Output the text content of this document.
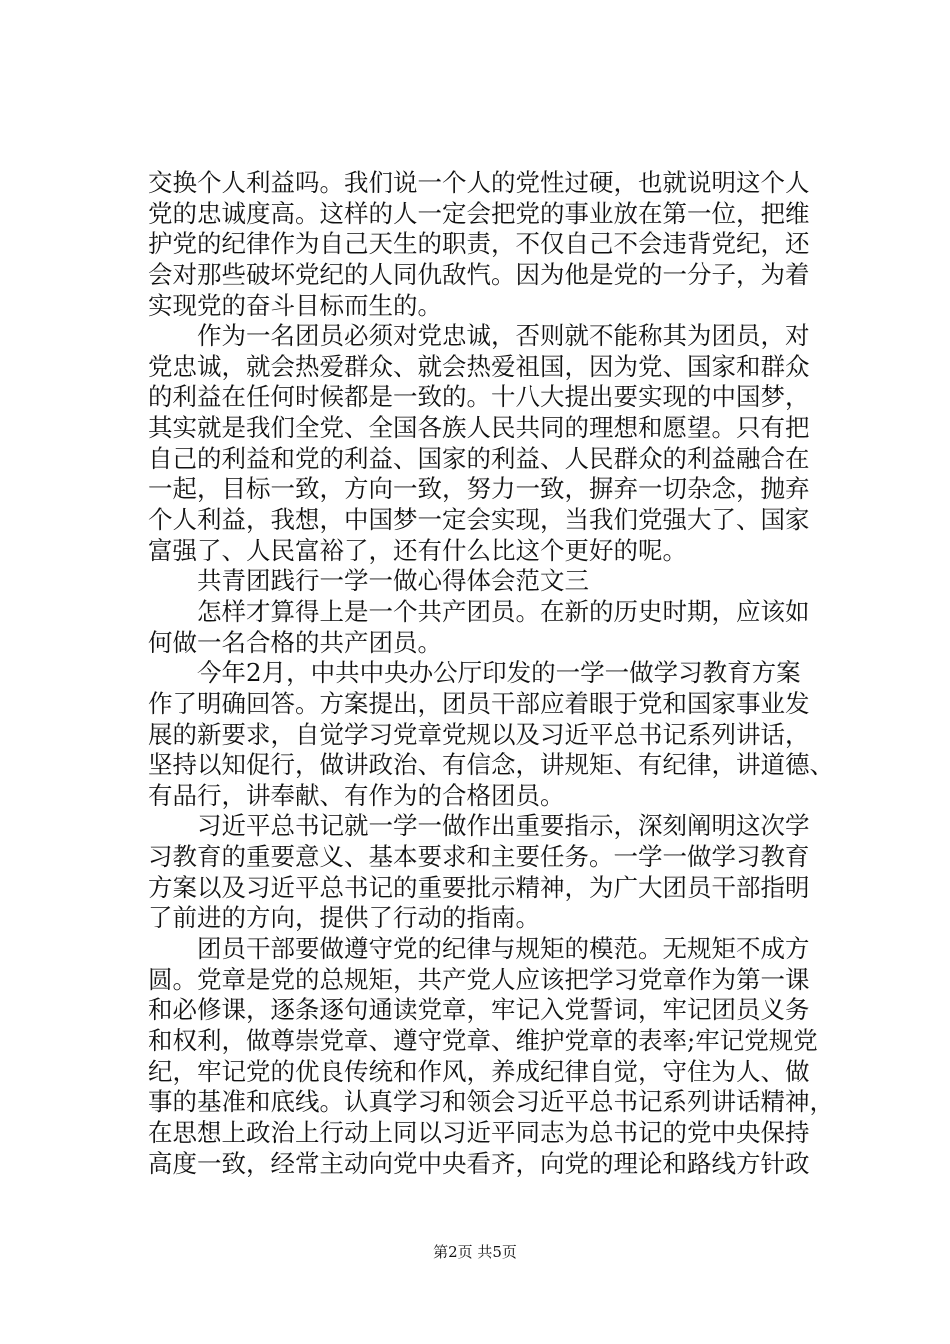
交换个人利益吗。我们说一个人的党性过硬，也就说明这个人
党的忠诚度高。这样的人一定会把党的事业放在第一位，把维
护党的纪律作为自己天生的职责，不仅自己不会违背党纪，还
会对那些破坏党纪的人同仇敌忾。因为他是党的一分子，为着
实现党的奋斗目标而生的。
　　作为一名团员必须对党忠诚，否则就不能称其为团员，对
党忠诚，就会热爱群众、就会热爱祖国，因为党、国家和群众
的利益在任何时候都是一致的。十八大提出要实现的中国梦，
其实就是我们全党、全国各族人民共同的理想和愿望。只有把
自己的利益和党的利益、国家的利益、人民群众的利益融合在
一起，目标一致，方向一致，努力一致，摒弃一切杂念，抛弃
个人利益，我想，中国梦一定会实现，当我们党强大了、国家
富强了、人民富裕了，还有什么比这个更好的呢。
　　共青团践行一学一做心得体会范文三
　　怎样才算得上是一个共产团员。在新的历史时期，应该如
何做一名合格的共产团员。
　　今年2月，中共中央办公厅印发的一学一做学习教育方案
作了明确回答。方案提出，团员干部应着眼于党和国家事业发
展的新要求，自觉学习党章党规以及习近平总书记系列讲话，
坚持以知促行，做讲政治、有信念，讲规矩、有纪律，讲道德、
有品行，讲奉献、有作为的合格团员。
　　习近平总书记就一学一做作出重要指示，深刻阐明这次学
习教育的重要意义、基本要求和主要任务。一学一做学习教育
方案以及习近平总书记的重要批示精神，为广大团员干部指明
了前进的方向，提供了行动的指南。
　　团员干部要做遵守党的纪律与规矩的模范。无规矩不成方
圆。党章是党的总规矩，共产党人应该把学习党章作为第一课
和必修课，逐条逐句通读党章，牢记入党誓词，牢记团员义务
和权利，做尊崇党章、遵守党章、维护党章的表率;牢记党规党
纪，牢记党的优良传统和作风，养成纪律自觉，守住为人、做
事的基准和底线。认真学习和领会习近平总书记系列讲话精神，
在思想上政治上行动上同以习近平同志为总书记的党中央保持
高度一致，经常主动向党中央看齐，向党的理论和路线方针政
第2页 共5页
